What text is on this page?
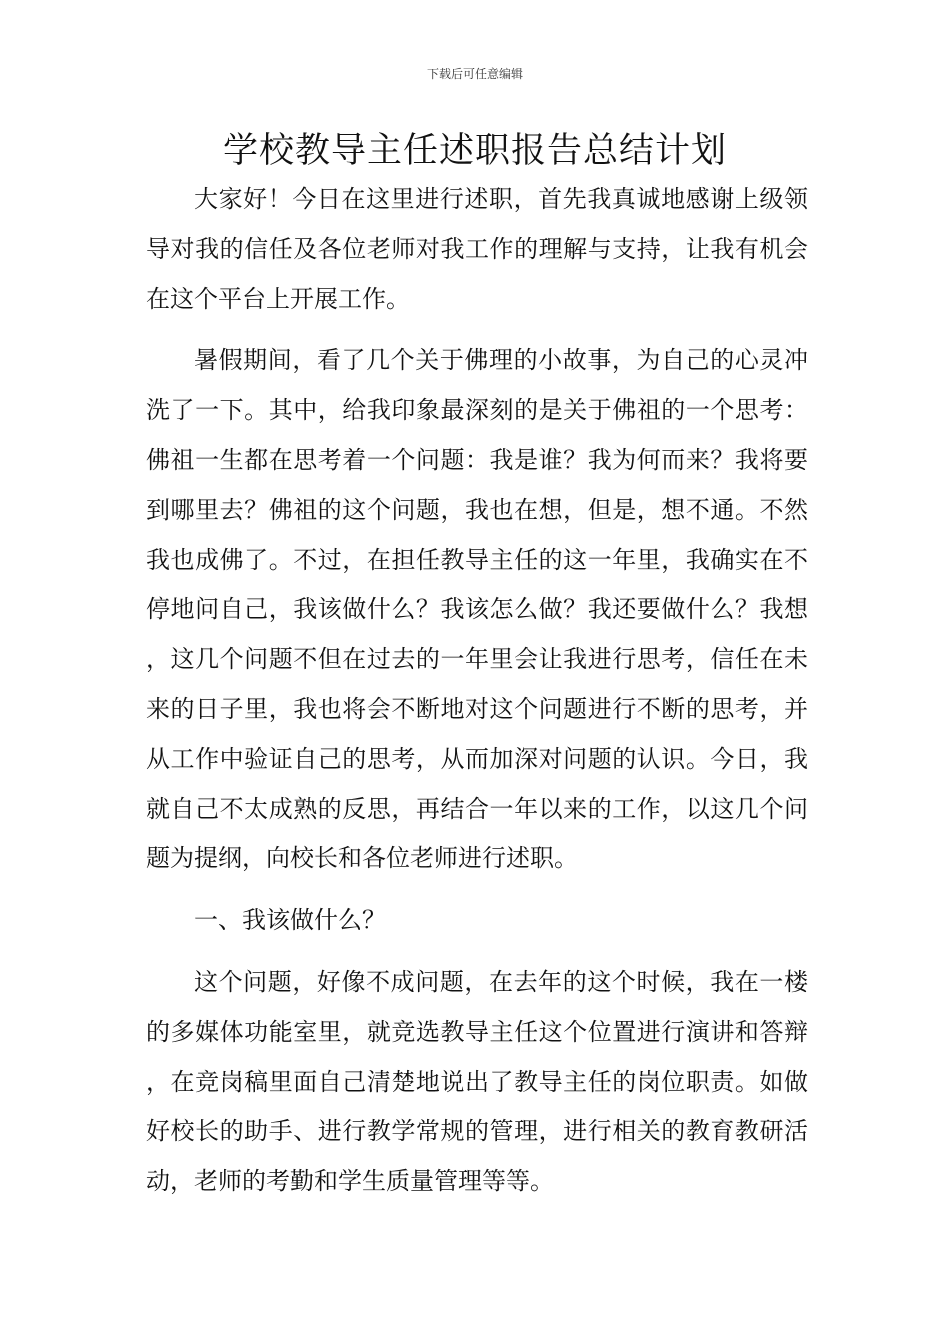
下载后可任意编辑
学校教导主任述职报告总结计划

大家好！今日在这里进行述职，首先我真诚地感谢上级领导对我的信任及各位老师对我工作的理解与支持，让我有机会在这个平台上开展工作。

暑假期间，看了几个关于佛理的小故事，为自己的心灵冲洗了一下。其中，给我印象最深刻的是关于佛祖的一个思考：佛祖一生都在思考着一个问题：我是谁？我为何而来？我将要到哪里去？佛祖的这个问题，我也在想，但是，想不通。不然我也成佛了。不过，在担任教导主任的这一年里，我确实在不停地问自己，我该做什么？我该怎么做？我还要做什么？我想，这几个问题不但在过去的一年里会让我进行思考，信任在未来的日子里，我也将会不断地对这个问题进行不断的思考，并从工作中验证自己的思考，从而加深对问题的认识。今日，我就自己不太成熟的反思，再结合一年以来的工作，以这几个问题为提纲，向校长和各位老师进行述职。

一、我该做什么？

这个问题，好像不成问题，在去年的这个时候，我在一楼的多媒体功能室里，就竞选教导主任这个位置进行演讲和答辩，在竞岗稿里面自己清楚地说出了教导主任的岗位职责。如做好校长的助手、进行教学常规的管理，进行相关的教育教研活动，老师的考勤和学生质量管理等等。
